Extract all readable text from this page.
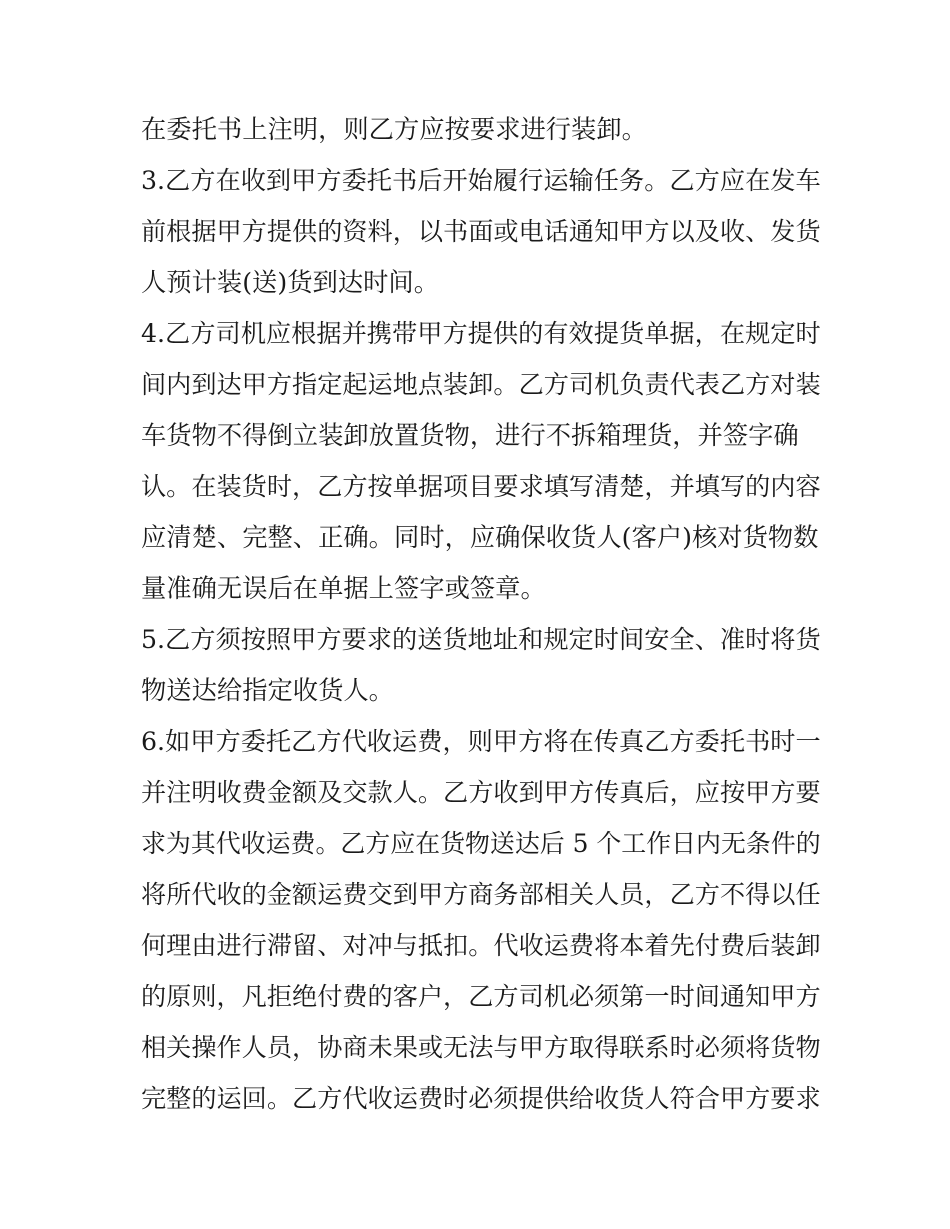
在委托书上注明，则乙方应按要求进行装卸。
3.乙方在收到甲方委托书后开始履行运输任务。乙方应在发车
前根据甲方提供的资料，以书面或电话通知甲方以及收、发货
人预计装(送)货到达时间。
4.乙方司机应根据并携带甲方提供的有效提货单据，在规定时
间内到达甲方指定起运地点装卸。乙方司机负责代表乙方对装
车货物不得倒立装卸放置货物，进行不拆箱理货，并签字确
认。在装货时，乙方按单据项目要求填写清楚，并填写的内容
应清楚、完整、正确。同时，应确保收货人(客户)核对货物数
量准确无误后在单据上签字或签章。
5.乙方须按照甲方要求的送货地址和规定时间安全、准时将货
物送达给指定收货人。
6.如甲方委托乙方代收运费，则甲方将在传真乙方委托书时一
并注明收费金额及交款人。乙方收到甲方传真后，应按甲方要
求为其代收运费。乙方应在货物送达后 5 个工作日内无条件的
将所代收的金额运费交到甲方商务部相关人员，乙方不得以任
何理由进行滞留、对冲与抵扣。代收运费将本着先付费后装卸
的原则，凡拒绝付费的客户，乙方司机必须第一时间通知甲方
相关操作人员，协商未果或无法与甲方取得联系时必须将货物
完整的运回。乙方代收运费时必须提供给收货人符合甲方要求
